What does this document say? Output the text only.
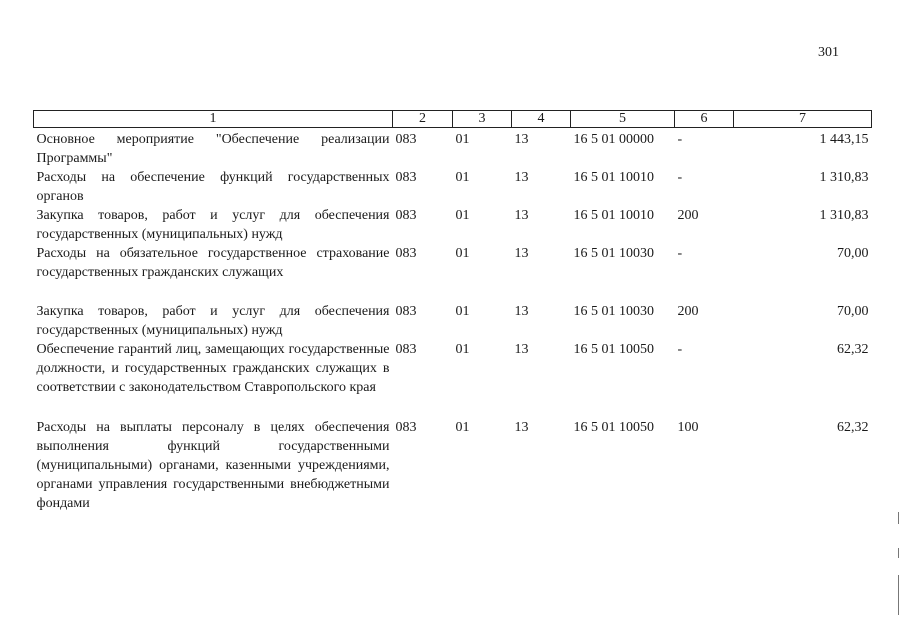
301
1	2	3	4	5	6	7
Основное мероприятие "Обеспечение реализации Программы"	083	01	13	16 5 01 00000	-	1 443,15
Расходы на обеспечение функций государственных органов	083	01	13	16 5 01 10010	-	1 310,83
Закупка товаров, работ и услуг для обеспечения государственных (муниципальных) нужд	083	01	13	16 5 01 10010	200	1 310,83
Расходы на обязательное государственное страхование государственных гражданских служащих	083	01	13	16 5 01 10030	-	70,00
Закупка товаров, работ и услуг для обеспечения государственных (муниципальных) нужд	083	01	13	16 5 01 10030	200	70,00
Обеспечение гарантий лиц, замещающих государственные должности, и государственных гражданских служащих в соответствии с законодательством Ставропольского края	083	01	13	16 5 01 10050	-	62,32
Расходы на выплаты персоналу в целях обеспечения выполнения функций государственными (муниципальными) органами, казенными учреждениями, органами управления государственными внебюджетными фондами	083	01	13	16 5 01 10050	100	62,32
